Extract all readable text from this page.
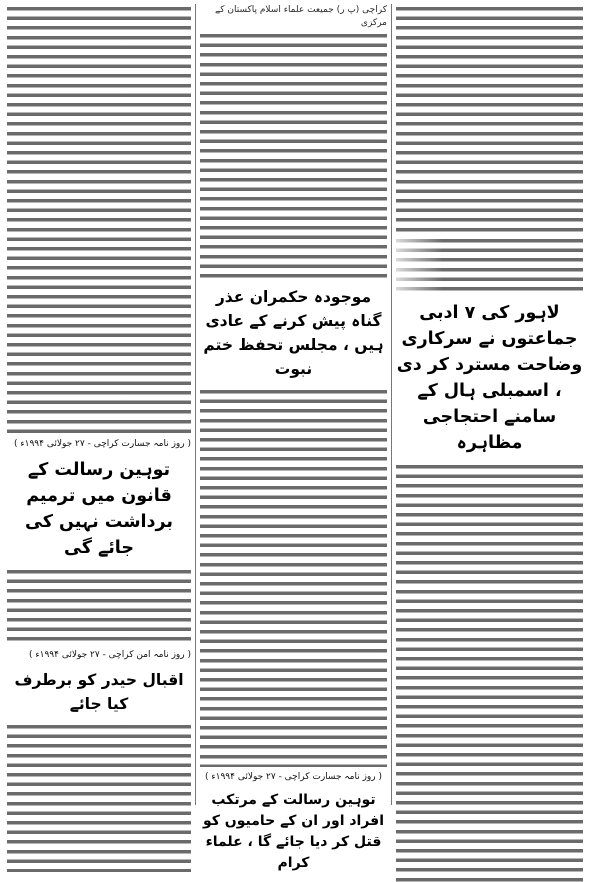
لاہور کی ۷ ادبی جماعتوں نے سرکاری وضاحت مسترد کر دی ، اسمبلی ہال کے سامنے احتجاجی مظاہرہ
کراچی (پ ر) جمیعت علماء اسلام پاکستان کے مرکزی
موجودہ حکمران عذر گناہ پیش کرنے کے عادی ہیں ، مجلس تحفظ ختم نبوت
( روز نامہ جسارت کراچی - ۲۷ جولائی ۱۹۹۴ء )
توہین رسالت کے مرتکب افراد اور ان کے حامیوں کو قتل کر دیا جائے گا ، علماء کرام
( روز نامہ جسارت کراچی - ۲۷ جولائی ۱۹۹۴ء )
توہین رسالت کے قانون میں ترمیم برداشت نہیں کی جائے گی
( روز نامہ امن کراچی - ۲۷ جولائی ۱۹۹۴ء )
اقبال حیدر کو برطرف کیا جائے
